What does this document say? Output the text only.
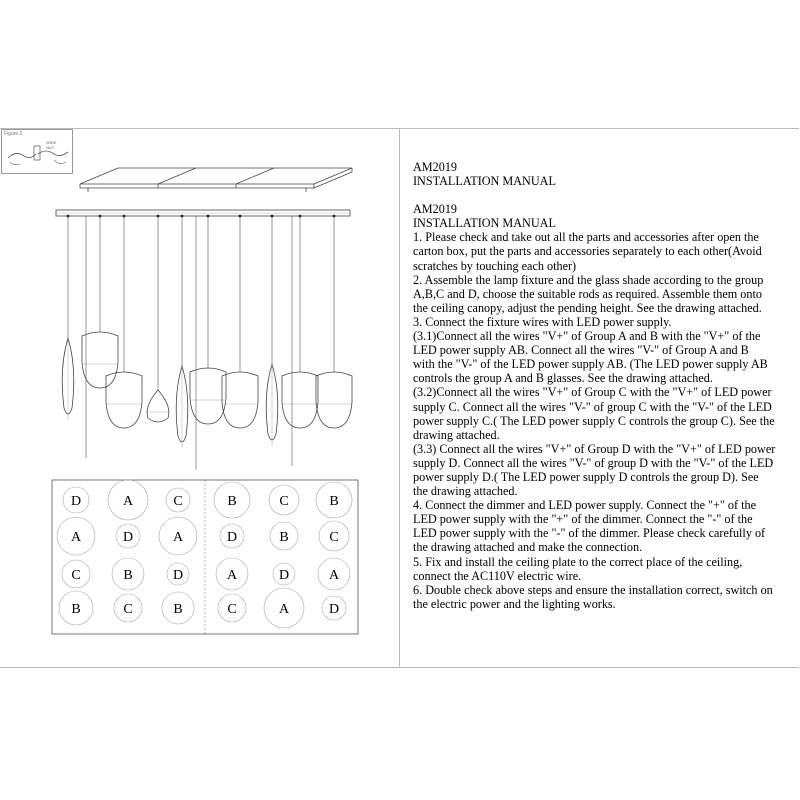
Figure 2
WIRE
NUT
D	A	C	B	C	B
A	D	A	D	B	C
C	B	D	A	D	A
B	C	B	C	A	D
AM2019
INSTALLATION MANUAL
AM2019
INSTALLATION MANUAL
1. Please check and take out all the parts and accessories after open the
carton box, put the parts and accessories separately to each other(Avoid
scratches by touching each other)
2. Assemble the lamp fixture and the glass shade according to the group
A,B,C and D, choose the suitable rods as required. Assemble them onto
the ceiling canopy, adjust the pending height. See the drawing attached.
3. Connect the fixture wires with LED power supply.
(3.1)Connect all the wires "V+" of Group A and B with the "V+" of the
LED power supply AB. Connect all the wires "V-" of Group A and B
with the "V-" of the LED power supply AB. (The LED power supply AB
controls the group A and B glasses. See the drawing attached.
(3.2)Connect all the wires "V+" of Group C with the "V+" of LED power
supply C. Connect all the wires "V-" of group C with the "V-" of the LED
power supply C.( The LED power supply C controls the group C). See the
drawing attached.
(3.3) Connect all the wires "V+" of Group D with the "V+" of LED power
supply D. Connect all the wires "V-" of group D with the "V-" of the LED
power supply D.( The LED power supply D controls the group D). See
the drawing attached.
4. Connect the dimmer and LED power supply. Connect the "+" of the
LED power supply with the "+" of the dimmer. Connect the "-" of the
LED power supply with the "-" of the dimmer. Please check carefully of
the drawing attached and make the connection.
5. Fix and install the ceiling plate to the correct place of the ceiling,
connect the AC110V electric wire.
6. Double check above steps and ensure the installation correct, switch on
the electric power and the lighting works.
